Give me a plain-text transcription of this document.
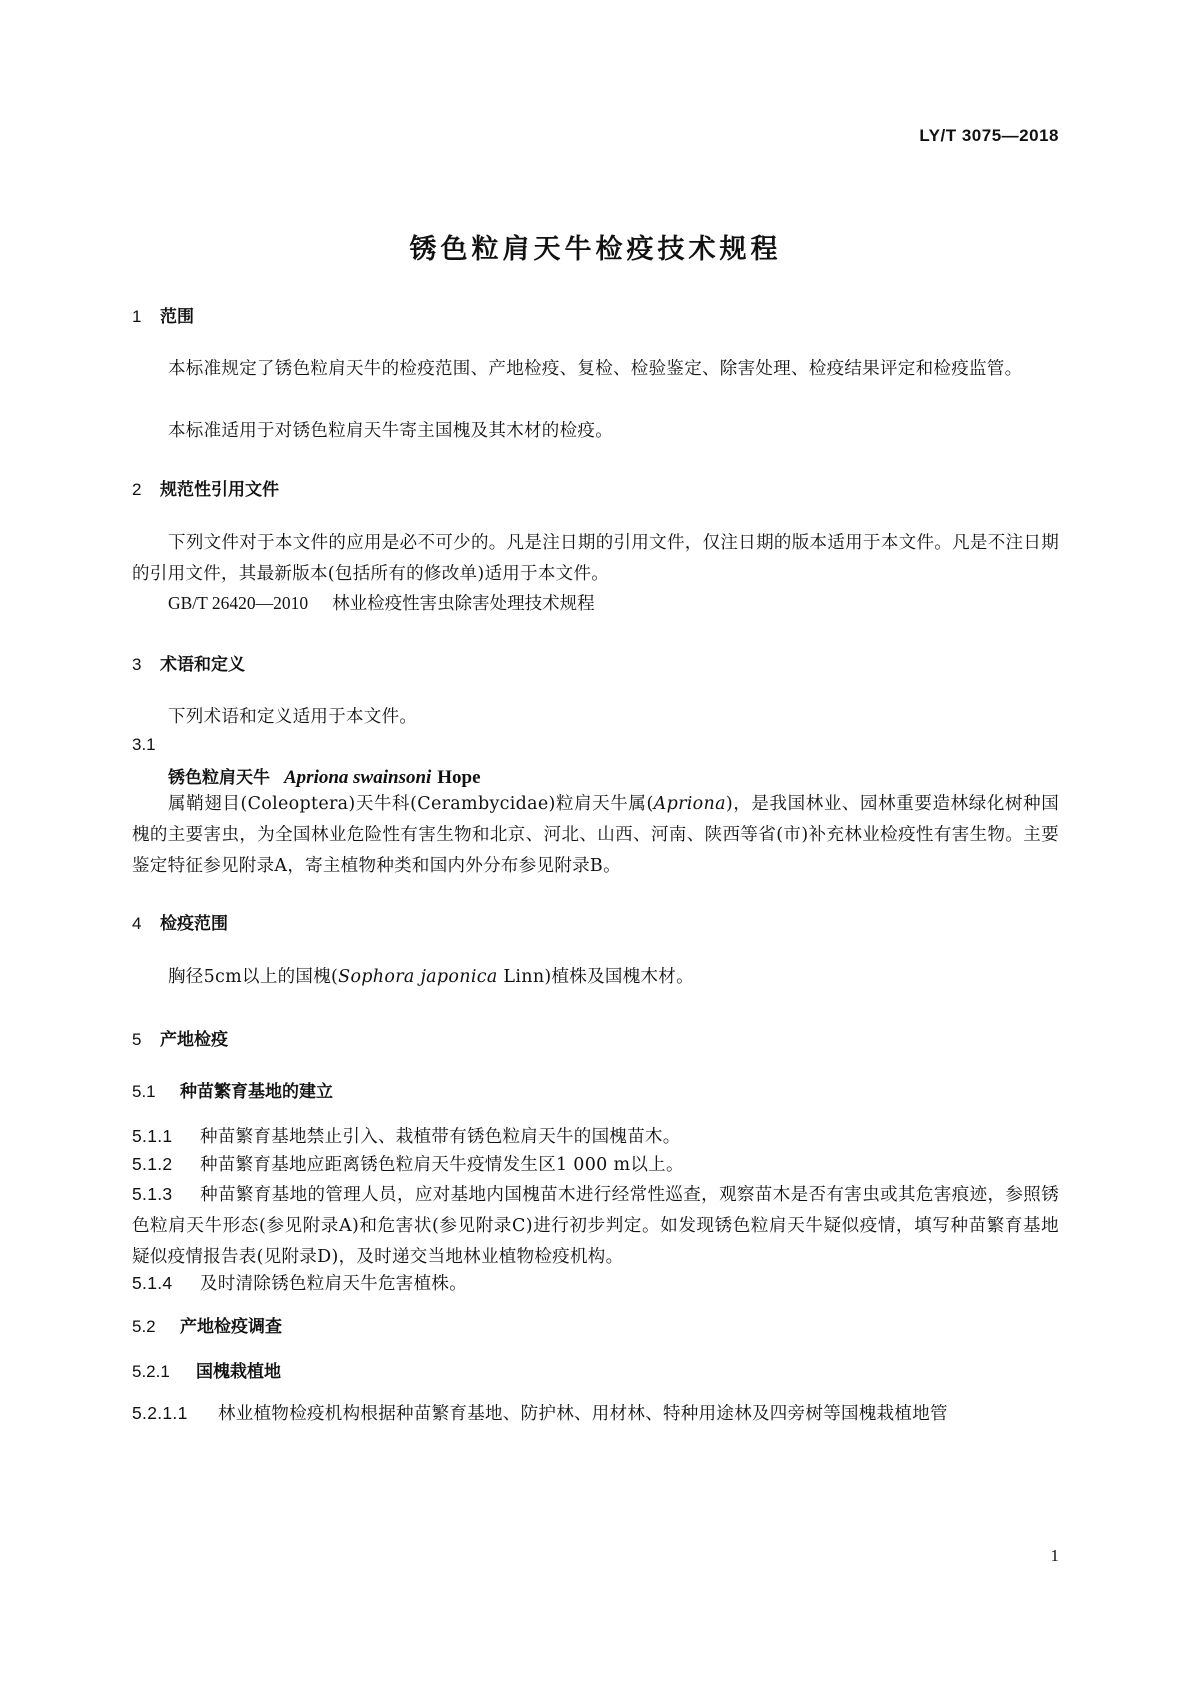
LY/T 3075—2018
锈色粒肩天牛检疫技术规程
1 范围
本标准规定了锈色粒肩天牛的检疫范围、产地检疫、复检、检验鉴定、除害处理、检疫结果评定和检疫监管。
本标准适用于对锈色粒肩天牛寄主国槐及其木材的检疫。
2 规范性引用文件
下列文件对于本文件的应用是必不可少的。凡是注日期的引用文件，仅注日期的版本适用于本文件。凡是不注日期的引用文件，其最新版本(包括所有的修改单)适用于本文件。
GB/T 26420—2010 林业检疫性害虫除害处理技术规程
3 术语和定义
下列术语和定义适用于本文件。
3.1
锈色粒肩天牛 Apriona swainsoni Hope
属鞘翅目(Coleoptera)天牛科(Cerambycidae)粒肩天牛属(Apriona)，是我国林业、园林重要造林绿化树种国槐的主要害虫，为全国林业危险性有害生物和北京、河北、山西、河南、陕西等省(市)补充林业检疫性有害生物。主要鉴定特征参见附录A，寄主植物种类和国内外分布参见附录B。
4 检疫范围
胸径5cm以上的国槐(Sophora japonica Linn)植株及国槐木材。
5 产地检疫
5.1 种苗繁育基地的建立
5.1.1 种苗繁育基地禁止引入、栽植带有锈色粒肩天牛的国槐苗木。
5.1.2 种苗繁育基地应距离锈色粒肩天牛疫情发生区1 000 m以上。
5.1.3 种苗繁育基地的管理人员，应对基地内国槐苗木进行经常性巡查，观察苗木是否有害虫或其危害痕迹，参照锈色粒肩天牛形态(参见附录A)和危害状(参见附录C)进行初步判定。如发现锈色粒肩天牛疑似疫情，填写种苗繁育基地疑似疫情报告表(见附录D)，及时递交当地林业植物检疫机构。
5.1.4 及时清除锈色粒肩天牛危害植株。
5.2 产地检疫调查
5.2.1 国槐栽植地
5.2.1.1 林业植物检疫机构根据种苗繁育基地、防护林、用材林、特种用途林及四旁树等国槐栽植地管
1
